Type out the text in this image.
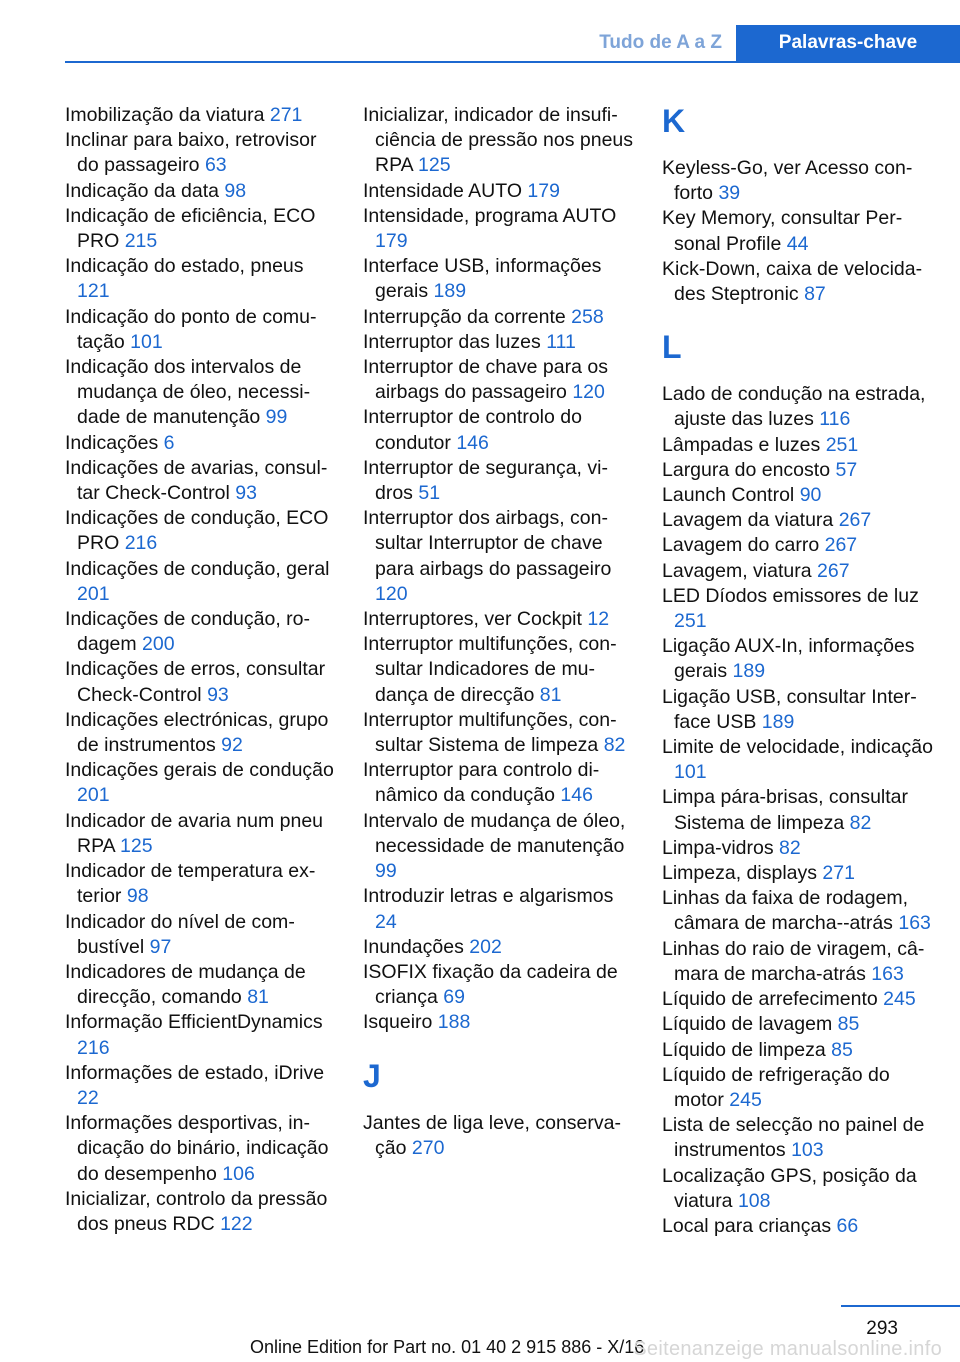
Tudo de A a Z	Palavras-chave

Imobilização da viatura 271

Inclinar para baixo, retrovisor do passageiro 63

Indicação da data 98

Indicação de eficiência, ECO PRO 215

Indicação do estado, pneus 121

Indicação do ponto de comutação 101

Indicação dos intervalos de mudança de óleo, necessidade de manutenção 99

Indicações 6

Indicações de avarias, consultar Check-Control 93

Indicações de condução, ECO PRO 216

Indicações de condução, geral 201

Indicações de condução, rodagem 200

Indicações de erros, consultar Check-Control 93

Indicações electrónicas, grupo de instrumentos 92

Indicações gerais de condução 201

Indicador de avaria num pneu RPA 125

Indicador de temperatura exterior 98

Indicador do nível de combustível 97

Indicadores de mudança de direcção, comando 81

Informação EfficientDynamics 216

Informações de estado, iDrive 22

Informações desportivas, indicação do binário, indicação do desempenho 106

Inicializar, controlo da pressão dos pneus RDC 122

Inicializar, indicador de insuficiência de pressão nos pneus RPA 125

Intensidade AUTO 179

Intensidade, programa AUTO 179

Interface USB, informações gerais 189

Interrupção da corrente 258

Interruptor das luzes 111

Interruptor de chave para os airbags do passageiro 120

Interruptor de controlo do condutor 146

Interruptor de segurança, vidros 51

Interruptor dos airbags, consultar Interruptor de chave para airbags do passageiro 120

Interruptores, ver Cockpit 12

Interruptor multifunções, consultar Indicadores de mudança de direcção 81

Interruptor multifunções, consultar Sistema de limpeza 82

Interruptor para controlo dinâmico da condução 146

Intervalo de mudança de óleo, necessidade de manutenção 99

Introduzir letras e algarismos 24

Inundações 202

ISOFIX fixação da cadeira de criança 69

Isqueiro 188

J

Jantes de liga leve, conservação 270

K

Keyless-Go, ver Acesso conforto 39

Key Memory, consultar Personal Profile 44

Kick-Down, caixa de velocidades Steptronic 87

L

Lado de condução na estrada, ajuste das luzes 116

Lâmpadas e luzes 251

Largura do encosto 57

Launch Control 90

Lavagem da viatura 267

Lavagem do carro 267

Lavagem, viatura 267

LED Díodos emissores de luz 251

Ligação AUX-In, informações gerais 189

Ligação USB, consultar Interface USB 189

Limite de velocidade, indicação 101

Limpa pára-brisas, consultar Sistema de limpeza 82

Limpa-vidros 82

Limpeza, displays 271

Linhas da faixa de rodagem, câmara de marcha--atrás 163

Linhas do raio de viragem, câmara de marcha-atrás 163

Líquido de arrefecimento 245

Líquido de lavagem 85

Líquido de limpeza 85

Líquido de refrigeração do motor 245

Lista de selecção no painel de instrumentos 103

Localização GPS, posição da viatura 108

Local para crianças 66

293
Online Edition for Part no. 01 40 2 915 886 - X/16
Seitenanzeige manualsonline.info
